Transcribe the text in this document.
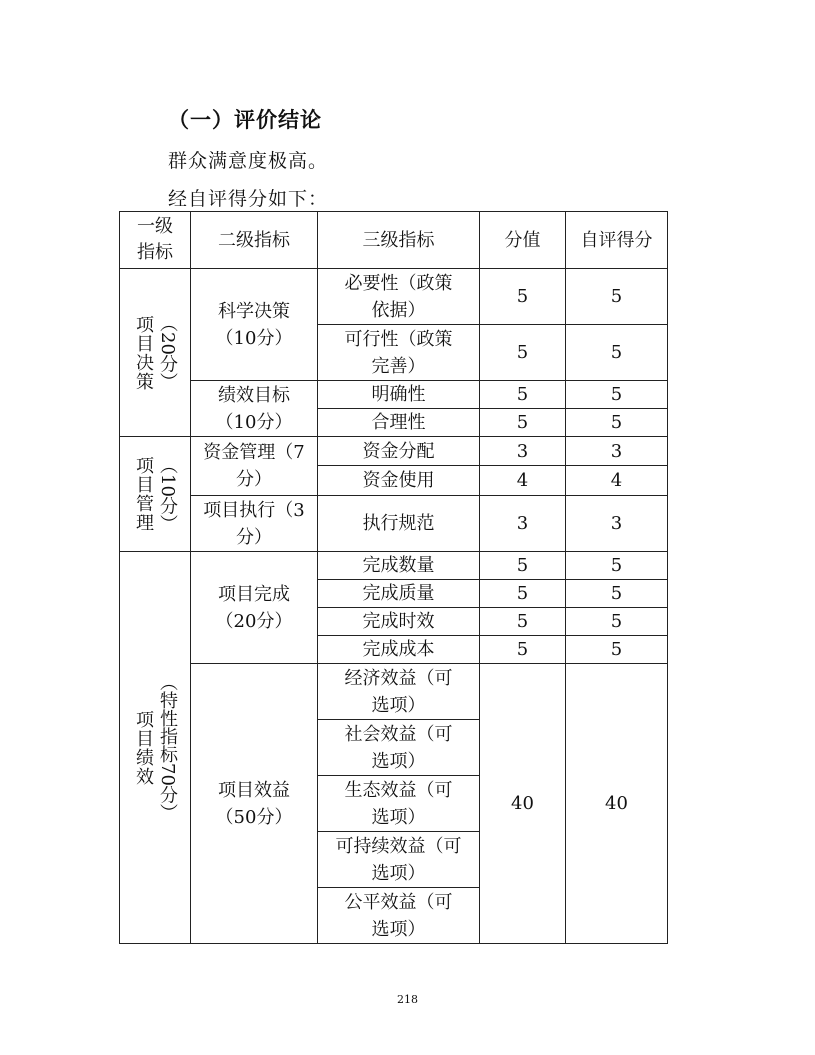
（一）评价结论
群众满意度极高。
经自评得分如下：
一级指标	二级指标	三级指标	分值	自评得分

项目决策 （20分）	科学决策（10分）	必要性（政策依据）	5	5

		可行性（政策完善）	5	5

	绩效目标（10分）	明确性	5	5
		合理性	5	5

项目管理 （10分）	资金管理（7分）	资金分配	3	3
		资金使用	4	4

	项目执行（3分）	执行规范	3	3

项目绩效 （特性指标70分）	项目完成（20分）	完成数量	5	5
		完成质量	5	5
		完成时效	5	5
		完成成本	5	5

	项目效益（50分）	经济效益（可选项）	40	40

		社会效益（可选项）		

		生态效益（可选项）		

		可持续效益（可选项）		

		公平效益（可选项）		
218
